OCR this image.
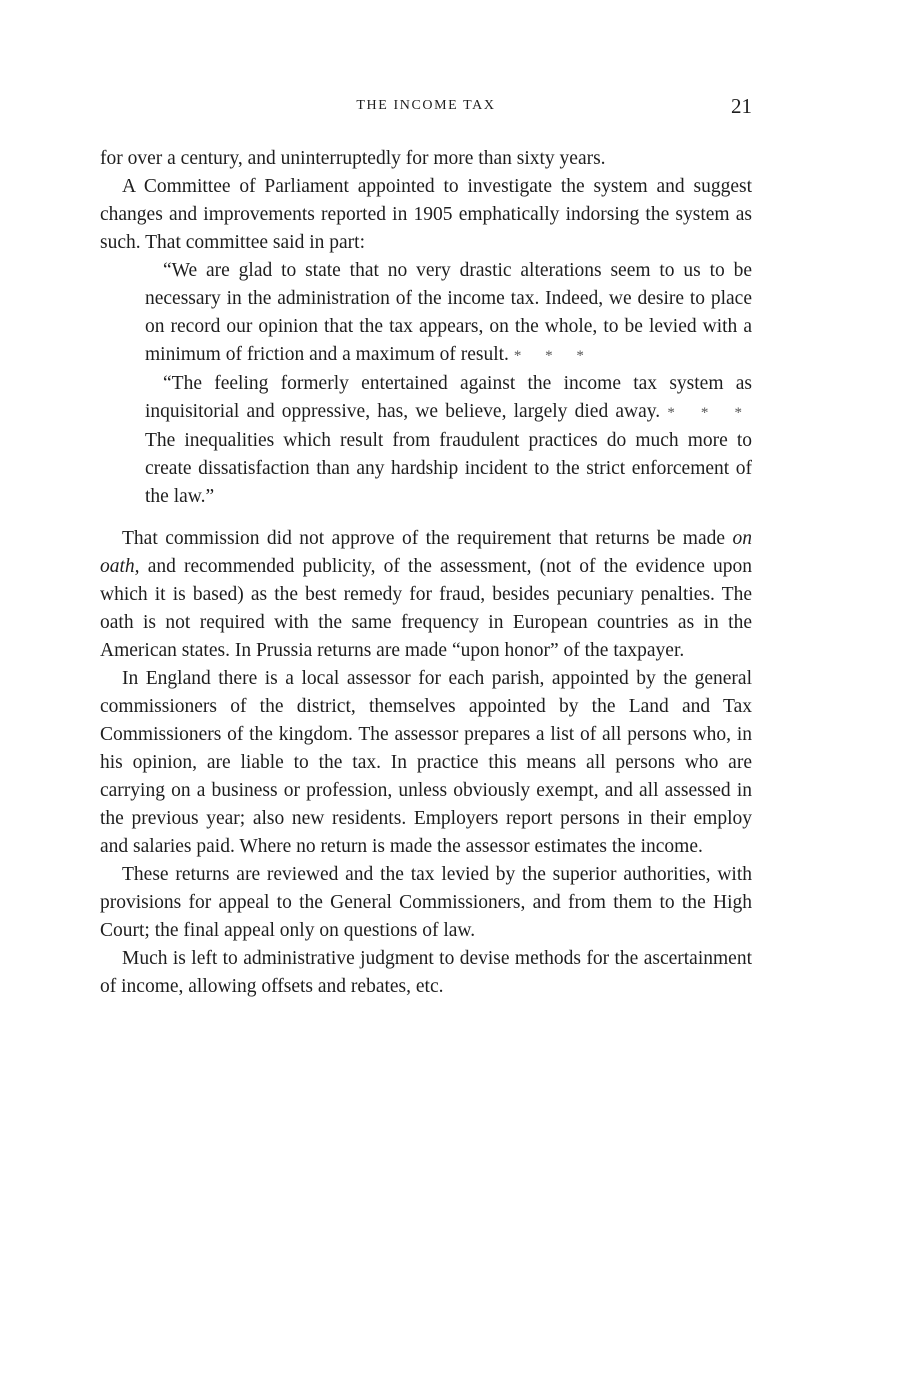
THE INCOME TAX	21

for over a century, and uninterruptedly for more than sixty years.

A Committee of Parliament appointed to investigate the system and suggest changes and improvements reported in 1905 emphatically indorsing the system as such. That committee said in part:

“We are glad to state that no very drastic alterations seem to us to be necessary in the administration of the income tax. Indeed, we desire to place on record our opinion that the tax appears, on the whole, to be levied with a minimum of friction and a maximum of result. * * *

“The feeling formerly entertained against the income tax system as inquisitorial and oppressive, has, we believe, largely died away. * * * The inequalities which result from fraudulent practices do much more to create dissatisfaction than any hardship incident to the strict enforcement of the law.”

That commission did not approve of the requirement that returns be made on oath, and recommended publicity, of the assessment, (not of the evidence upon which it is based) as the best remedy for fraud, besides pecuniary penalties. The oath is not required with the same frequency in European countries as in the American states. In Prussia returns are made “upon honor” of the taxpayer.

In England there is a local assessor for each parish, appointed by the general commissioners of the district, themselves appointed by the Land and Tax Commissioners of the kingdom. The assessor prepares a list of all persons who, in his opinion, are liable to the tax. In practice this means all persons who are carrying on a business or profession, unless obviously exempt, and all assessed in the previous year; also new residents. Employers report persons in their employ and salaries paid. Where no return is made the assessor estimates the income.

These returns are reviewed and the tax levied by the superior authorities, with provisions for appeal to the General Commissioners, and from them to the High Court; the final appeal only on questions of law.

Much is left to administrative judgment to devise methods for the ascertainment of income, allowing offsets and rebates, etc.
